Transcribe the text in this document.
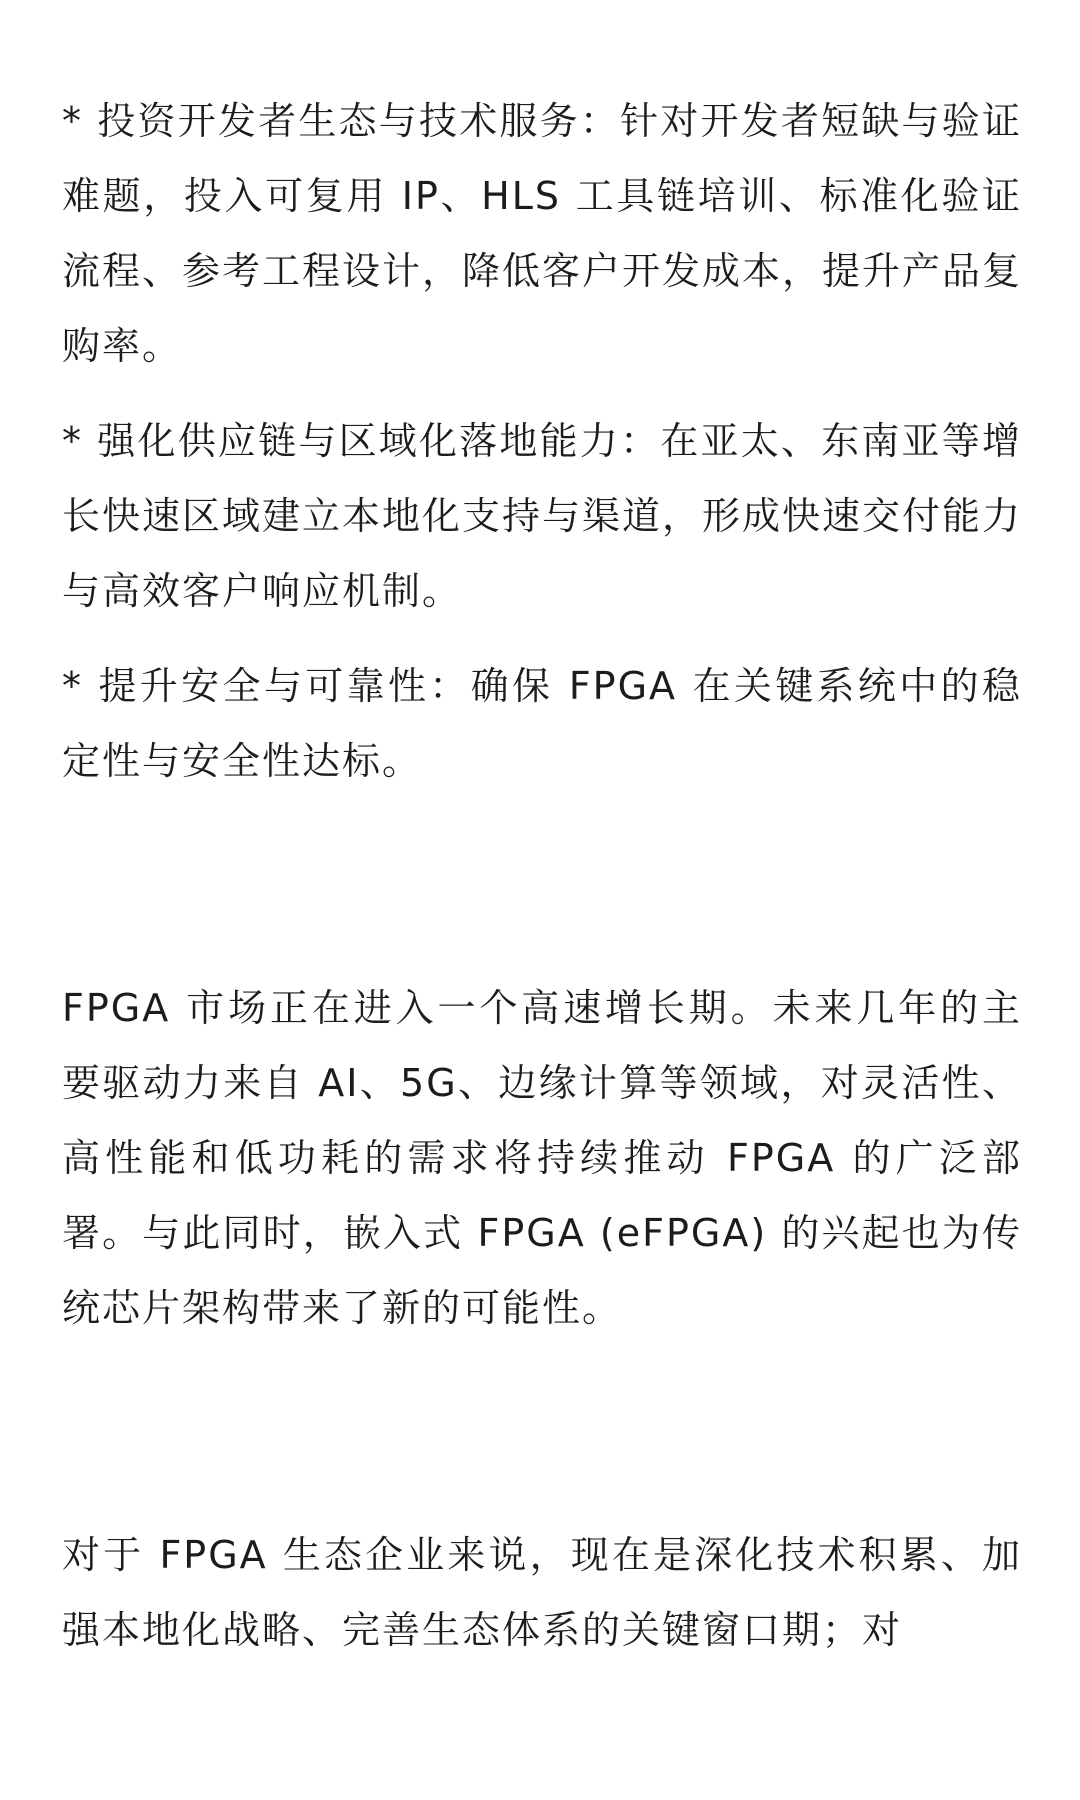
* 投资开发者生态与技术服务：针对开发者短缺与验证难题，投入可复用 IP、HLS 工具链培训、标准化验证流程、参考工程设计，降低客户开发成本，提升产品复购率。

* 强化供应链与区域化落地能力：在亚太、东南亚等增长快速区域建立本地化支持与渠道，形成快速交付能力与高效客户响应机制。

* 提升安全与可靠性：确保 FPGA 在关键系统中的稳定性与安全性达标。

FPGA 市场正在进入一个高速增长期。未来几年的主要驱动力来自 AI、5G、边缘计算等领域，对灵活性、高性能和低功耗的需求将持续推动 FPGA 的广泛部署。与此同时，嵌入式 FPGA (eFPGA) 的兴起也为传统芯片架构带来了新的可能性。

对于 FPGA 生态企业来说，现在是深化技术积累、加强本地化战略、完善生态体系的关键窗口期；对
